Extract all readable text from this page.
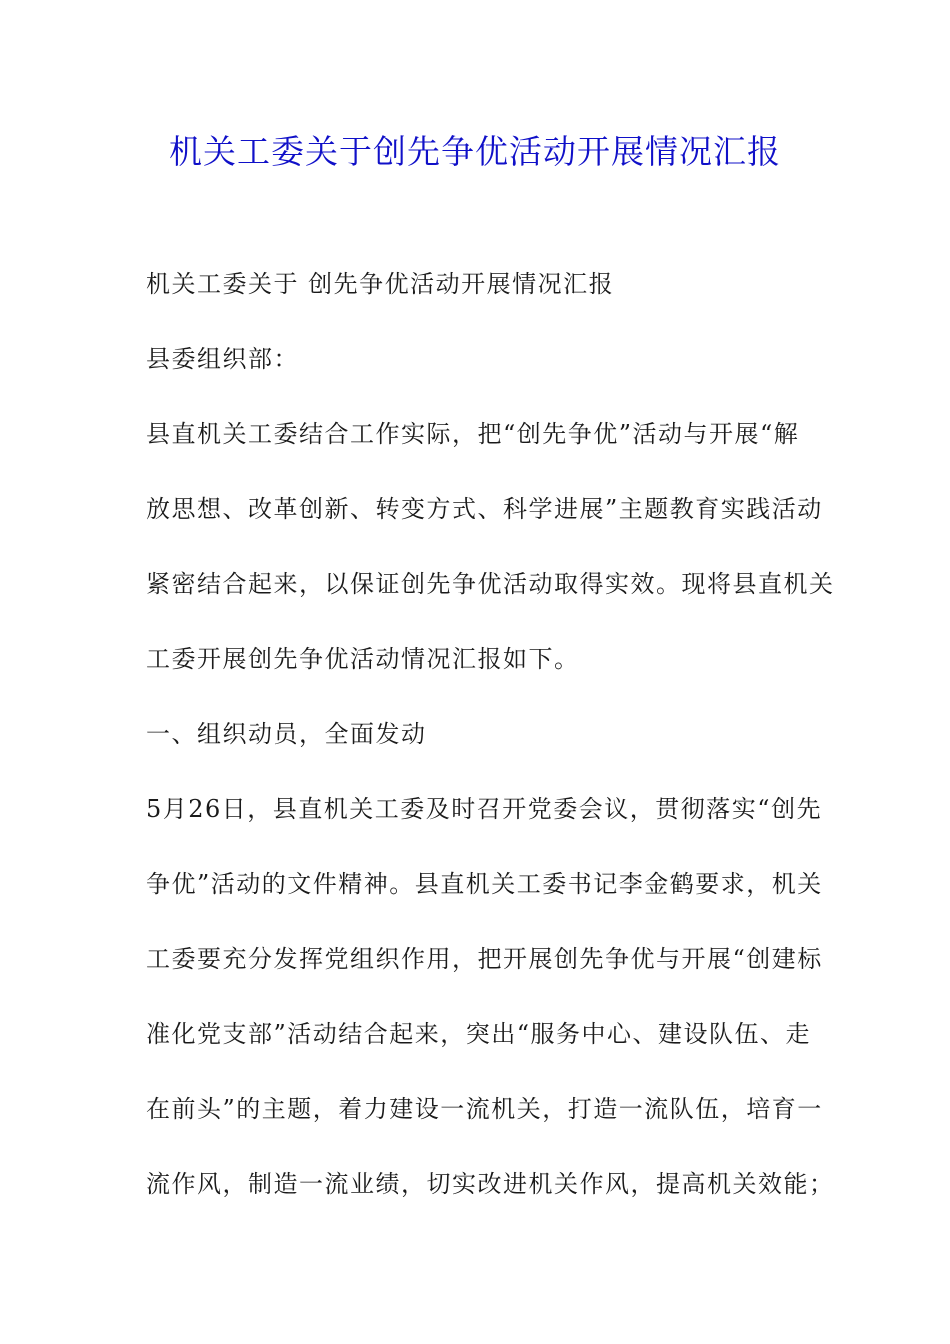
机关工委关于创先争优活动开展情况汇报
机关工委关于 创先争优活动开展情况汇报
县委组织部：
县直机关工委结合工作实际，把“创先争优”活动与开展“解
放思想、改革创新、转变方式、科学进展”主题教育实践活动
紧密结合起来，以保证创先争优活动取得实效。现将县直机关
工委开展创先争优活动情况汇报如下。
一、组织动员，全面发动
5月26日，县直机关工委及时召开党委会议，贯彻落实“创先
争优”活动的文件精神。县直机关工委书记李金鹤要求，机关
工委要充分发挥党组织作用，把开展创先争优与开展“创建标
准化党支部”活动结合起来，突出“服务中心、建设队伍、走
在前头”的主题，着力建设一流机关，打造一流队伍，培育一
流作风，制造一流业绩，切实改进机关作风，提高机关效能；
